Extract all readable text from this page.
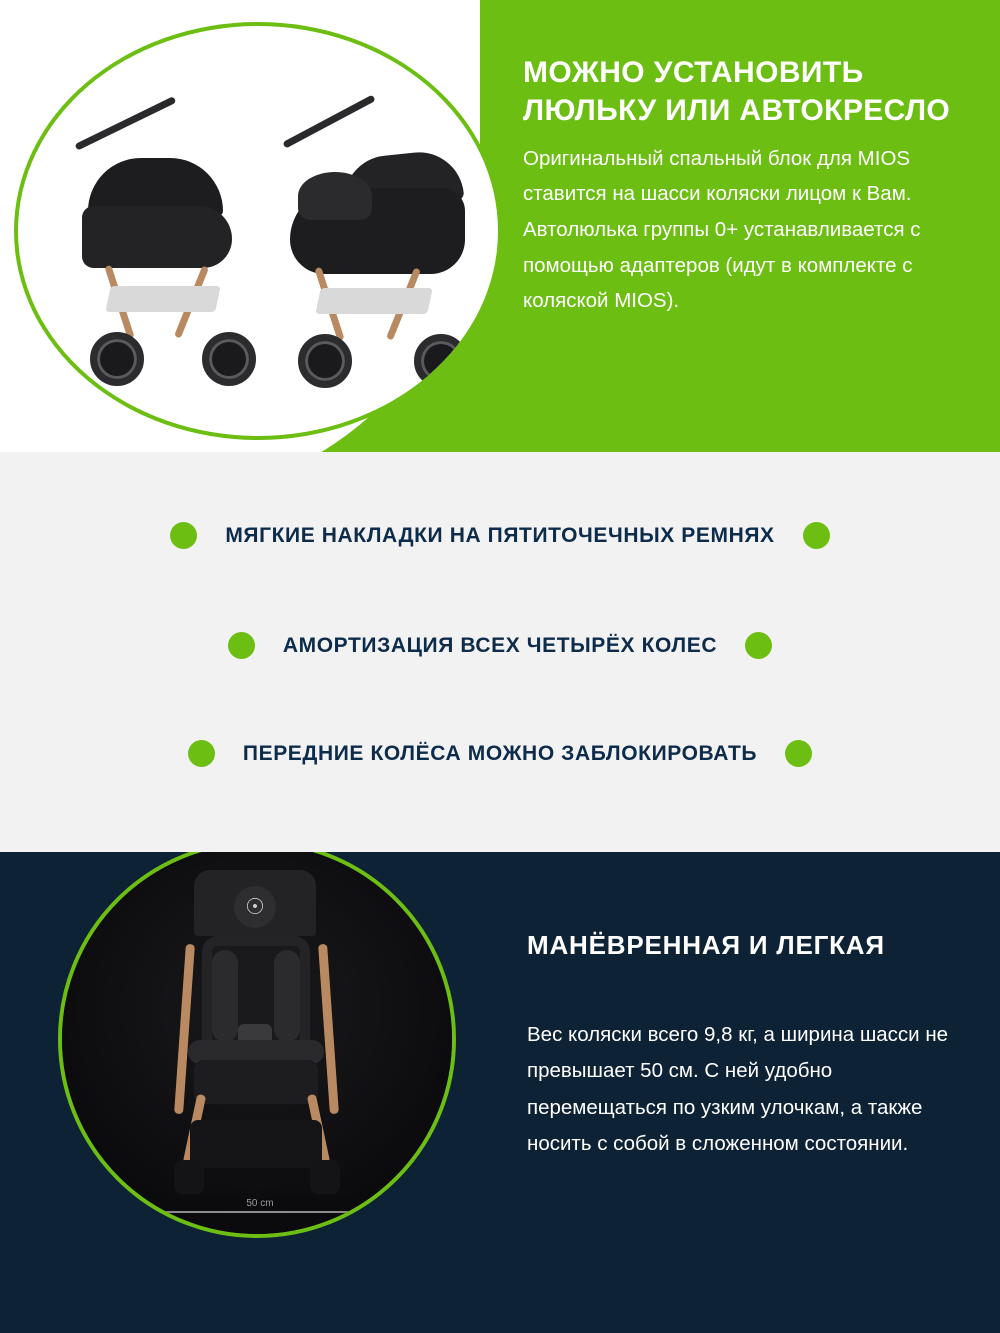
МОЖНО УСТАНОВИТЬ ЛЮЛЬКУ ИЛИ АВТОКРЕСЛО

Оригинальный спальный блок для MIOS ставится на шасси коляски лицом к Вам. Автолюлька группы 0+ устанавливается с помощью адаптеров (идут в комплекте с коляской MIOS).

МЯГКИЕ НАКЛАДКИ НА ПЯТИТОЧЕЧНЫХ РЕМНЯХ
АМОРТИЗАЦИЯ ВСЕХ ЧЕТЫРЁХ КОЛЕС
ПЕРЕДНИЕ КОЛЁСА МОЖНО ЗАБЛОКИРОВАТЬ
☉
50 cm
МАНЁВРЕННАЯ И ЛЕГКАЯ

Вес коляски всего 9,8 кг, а ширина шасси не превышает 50 см. С ней удобно перемещаться по узким улочкам, а также носить с собой в сложенном состоянии.
